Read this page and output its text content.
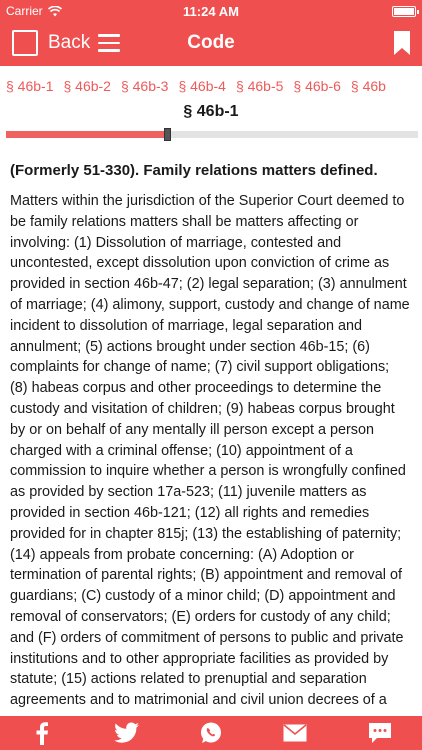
Carrier	11:24 AM
Back	Code
§ 46b-1 § 46b-2 § 46b-3 § 46b-4 § 46b-5 § 46b-6 § 46b
§ 46b-1
(Formerly 51-330). Family relations matters defined.
Matters within the jurisdiction of the Superior Court deemed to be family relations matters shall be matters affecting or involving: (1) Dissolution of marriage, contested and uncontested, except dissolution upon conviction of crime as provided in section 46b-47; (2) legal separation; (3) annulment of marriage; (4) alimony, support, custody and change of name incident to dissolution of marriage, legal separation and annulment; (5) actions brought under section 46b-15; (6) complaints for change of name; (7) civil support obligations; (8) habeas corpus and other proceedings to determine the custody and visitation of children; (9) habeas corpus brought by or on behalf of any mentally ill person except a person charged with a criminal offense; (10) appointment of a commission to inquire whether a person is wrongfully confined as provided by section 17a-523; (11) juvenile matters as provided in section 46b-121; (12) all rights and remedies provided for in chapter 815j; (13) the establishing of paternity; (14) appeals from probate concerning: (A) Adoption or termination of parental rights; (B) appointment and removal of guardians; (C) custody of a minor child; (D) appointment and removal of conservators; (E) orders for custody of any child; and (F) orders of commitment of persons to public and private institutions and to other appropriate facilities as provided by statute; (15) actions related to prenuptial and separation agreements and to matrimonial and civil union decrees of a
